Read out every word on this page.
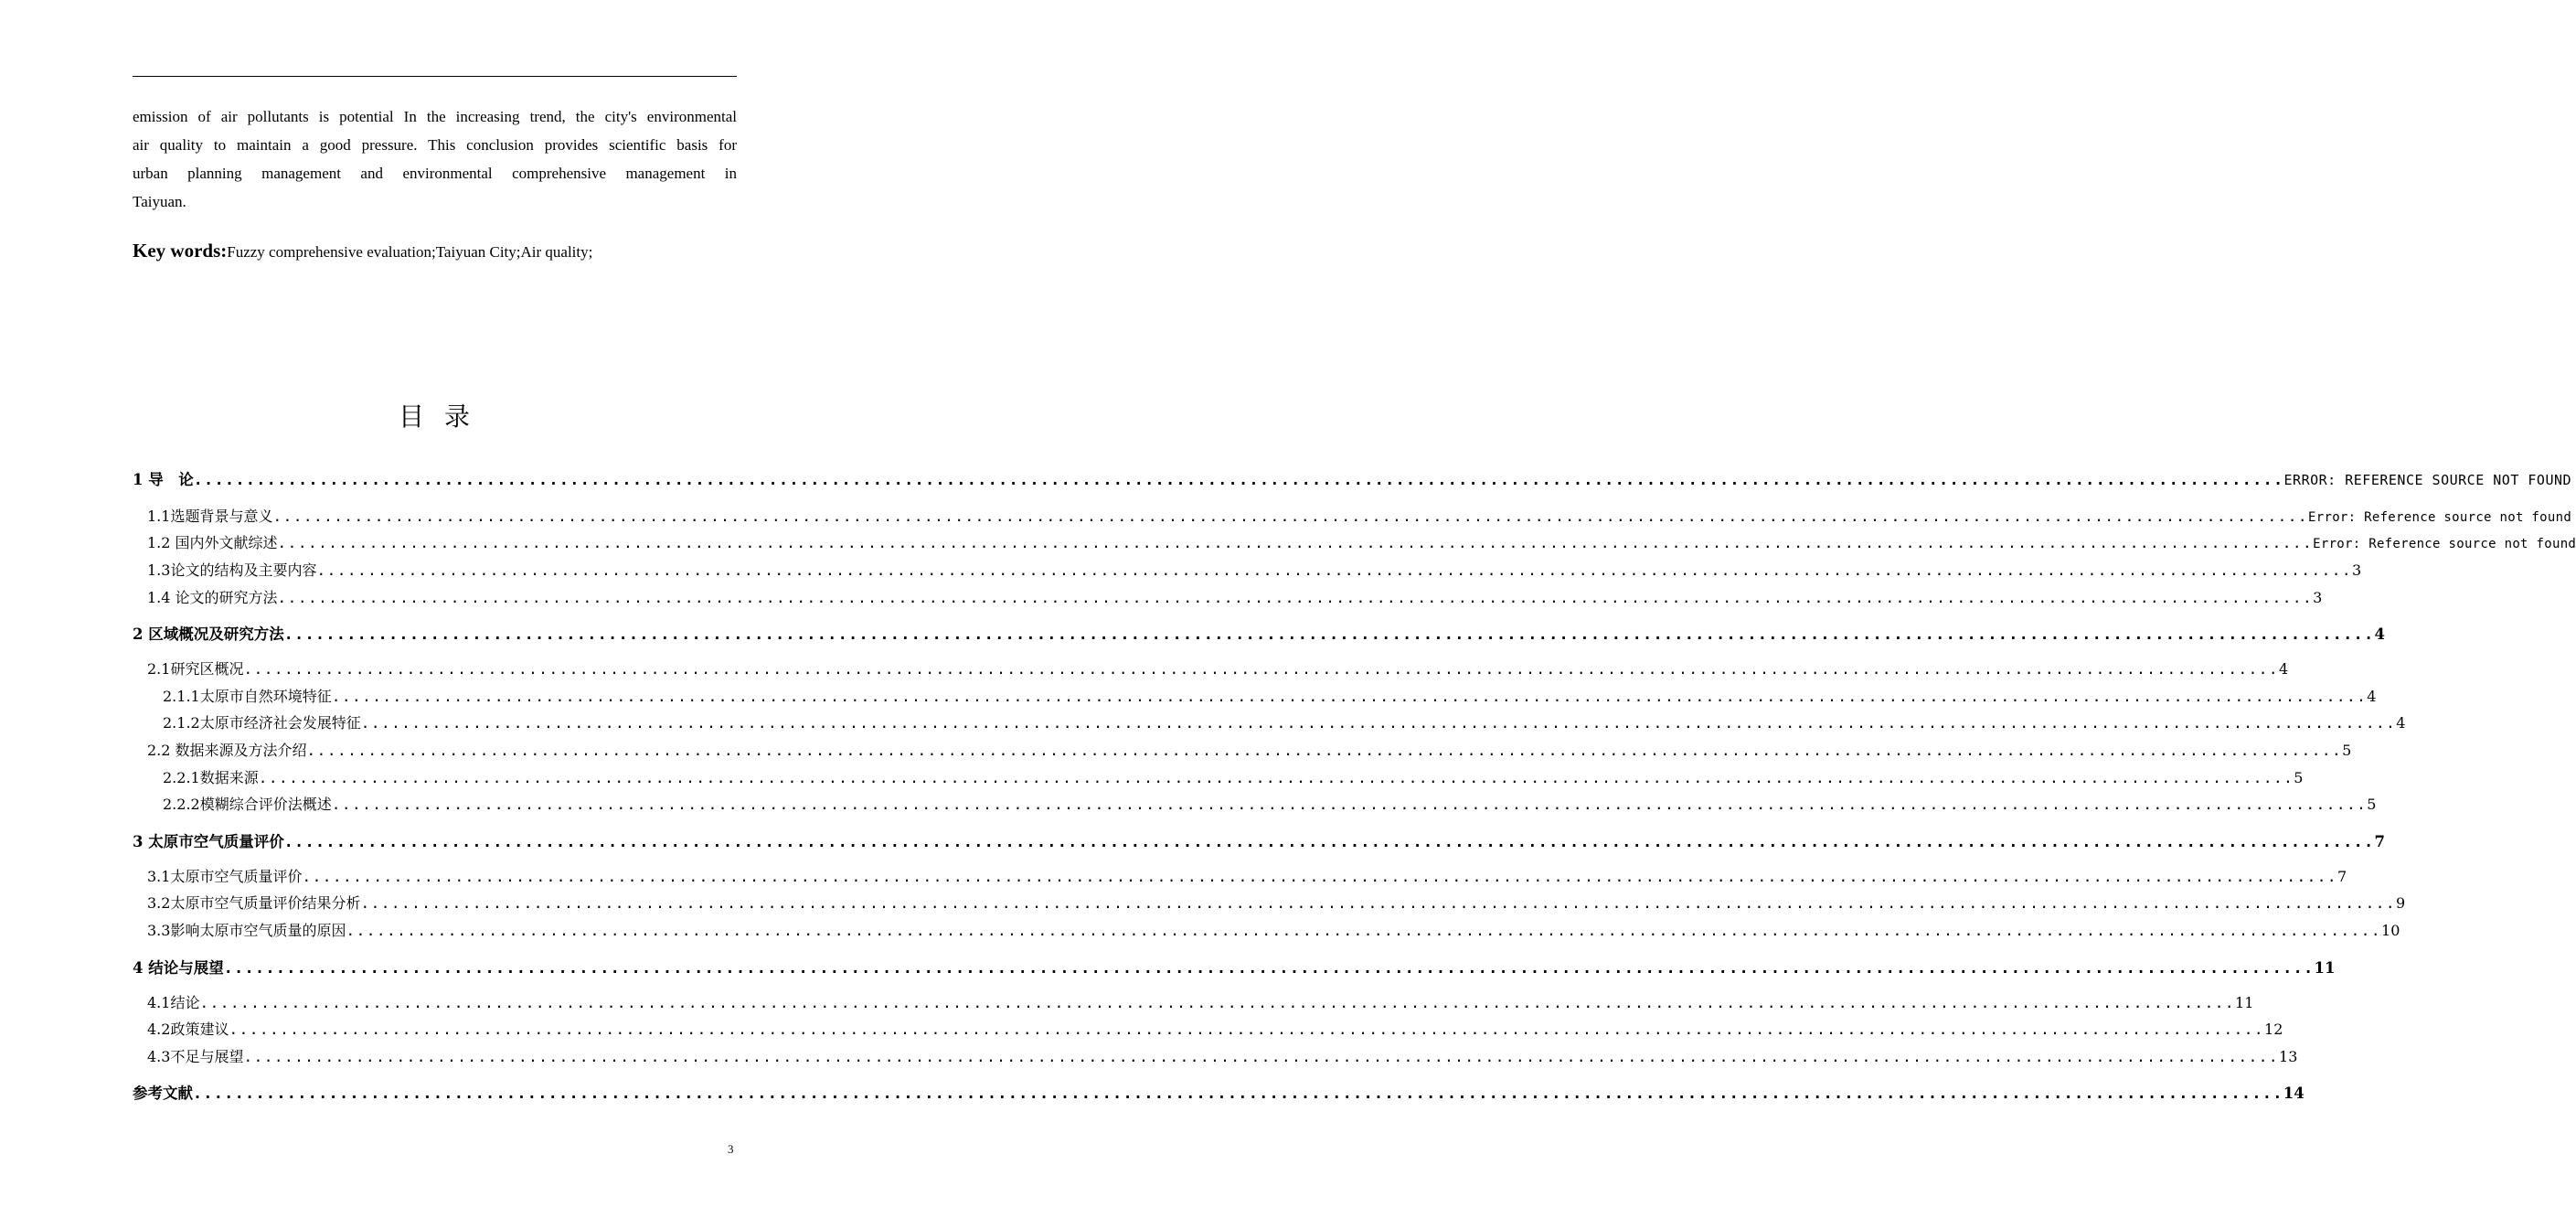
emission of air pollutants is potential In the increasing trend, the city's environmental
air quality to maintain a good pressure. This conclusion provides scientific basis for
urban planning management and environmental comprehensive management in
Taiyuan.
Key words:Fuzzy comprehensive evaluation;Taiyuan City;Air quality;
目录
1 导　论 ........................................................................................................................................................................................................ ERROR: REFERENCE SOURCE NOT FOUND
1.1选题背景与意义 ........................................................................................................................................................................................................ Error: Reference source not found
1.2 国内外文献综述 ........................................................................................................................................................................................................ Error: Reference source not found
1.3论文的结构及主要内容 ........................................................................................................................................................................................................ 3
1.4 论文的研究方法 ........................................................................................................................................................................................................ 3
2 区域概况及研究方法 ........................................................................................................................................................................................................ 4
2.1研究区概况 ........................................................................................................................................................................................................ 4
2.1.1太原市自然环境特征 ........................................................................................................................................................................................................ 4
2.1.2太原市经济社会发展特征 ........................................................................................................................................................................................................ 4
2.2 数据来源及方法介绍 ........................................................................................................................................................................................................ 5
2.2.1数据来源 ........................................................................................................................................................................................................ 5
2.2.2模糊综合评价法概述 ........................................................................................................................................................................................................ 5
3 太原市空气质量评价 ........................................................................................................................................................................................................ 7
3.1太原市空气质量评价 ........................................................................................................................................................................................................ 7
3.2太原市空气质量评价结果分析 ........................................................................................................................................................................................................ 9
3.3影响太原市空气质量的原因 ........................................................................................................................................................................................................ 10
4 结论与展望 ........................................................................................................................................................................................................ 11
4.1结论 ........................................................................................................................................................................................................ 11
4.2政策建议 ........................................................................................................................................................................................................ 12
4.3不足与展望 ........................................................................................................................................................................................................ 13
参考文献 ........................................................................................................................................................................................................ 14
3
